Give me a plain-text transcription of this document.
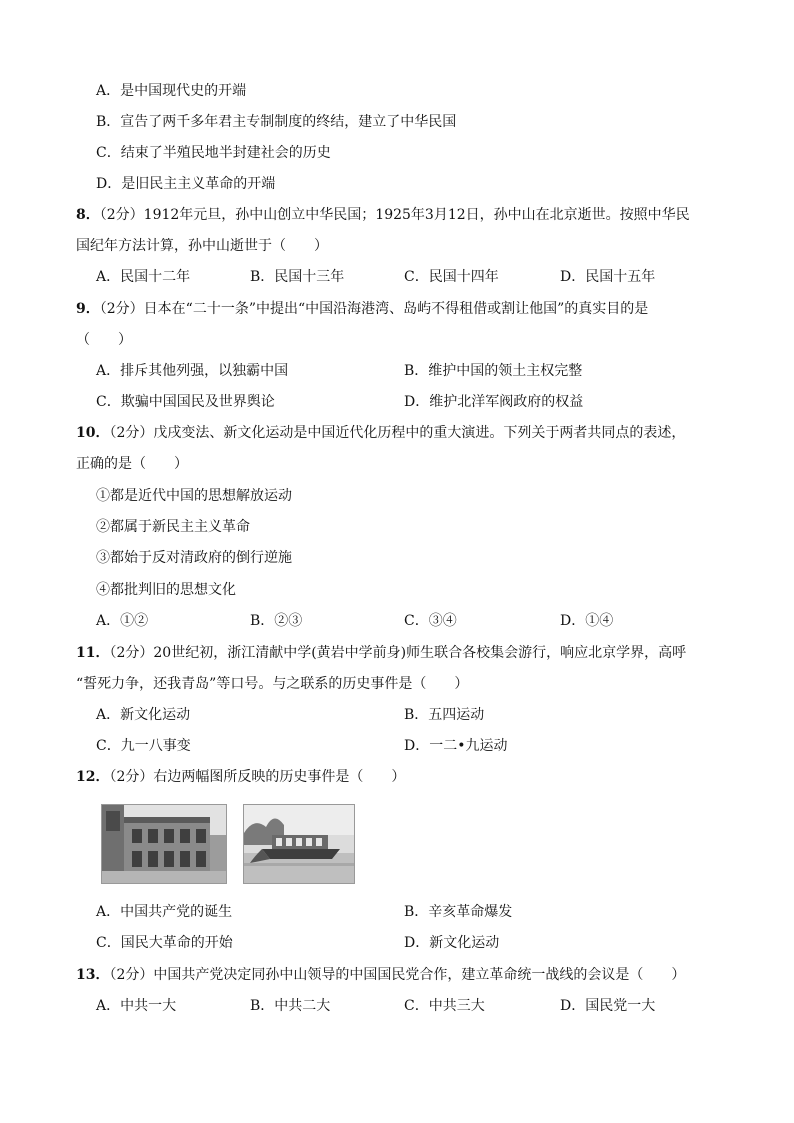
A．是中国现代史的开端
B．宣告了两千多年君主专制制度的终结，建立了中华民国
C．结束了半殖民地半封建社会的历史
D．是旧民主主义革命的开端
8．（2分）1912年元旦，孙中山创立中华民国；1925年3月12日，孙中山在北京逝世。按照中华民
国纪年方法计算，孙中山逝世于（　　）
A．民国十二年	B．民国十三年	C．民国十四年	D．民国十五年
9．（2分）日本在“二十一条”中提出“中国沿海港湾、岛屿不得租借或割让他国”的真实目的是
（　　）
A．排斥其他列强，以独霸中国	B．维护中国的领土主权完整
C．欺骗中国国民及世界舆论	D．维护北洋军阀政府的权益
10．（2分）戊戌变法、新文化运动是中国近代化历程中的重大演进。下列关于两者共同点的表述，
正确的是（　　）
①都是近代中国的思想解放运动
②都属于新民主主义革命
③都始于反对清政府的倒行逆施
④都批判旧的思想文化
A．①②	B．②③	C．③④	D．①④
11．（2分）20世纪初，浙江清献中学(黄岩中学前身)师生联合各校集会游行，响应北京学界，高呼
“誓死力争，还我青岛”等口号。与之联系的历史事件是（　　）
A．新文化运动	B．五四运动
C．九一八事变	D．一二•九运动
12．（2分）右边两幅图所反映的历史事件是（　　）
A．中国共产党的诞生	B．辛亥革命爆发
C．国民大革命的开始	D．新文化运动
13．（2分）中国共产党决定同孙中山领导的中国国民党合作，建立革命统一战线的会议是（　　）
A．中共一大	B．中共二大	C．中共三大	D．国民党一大
